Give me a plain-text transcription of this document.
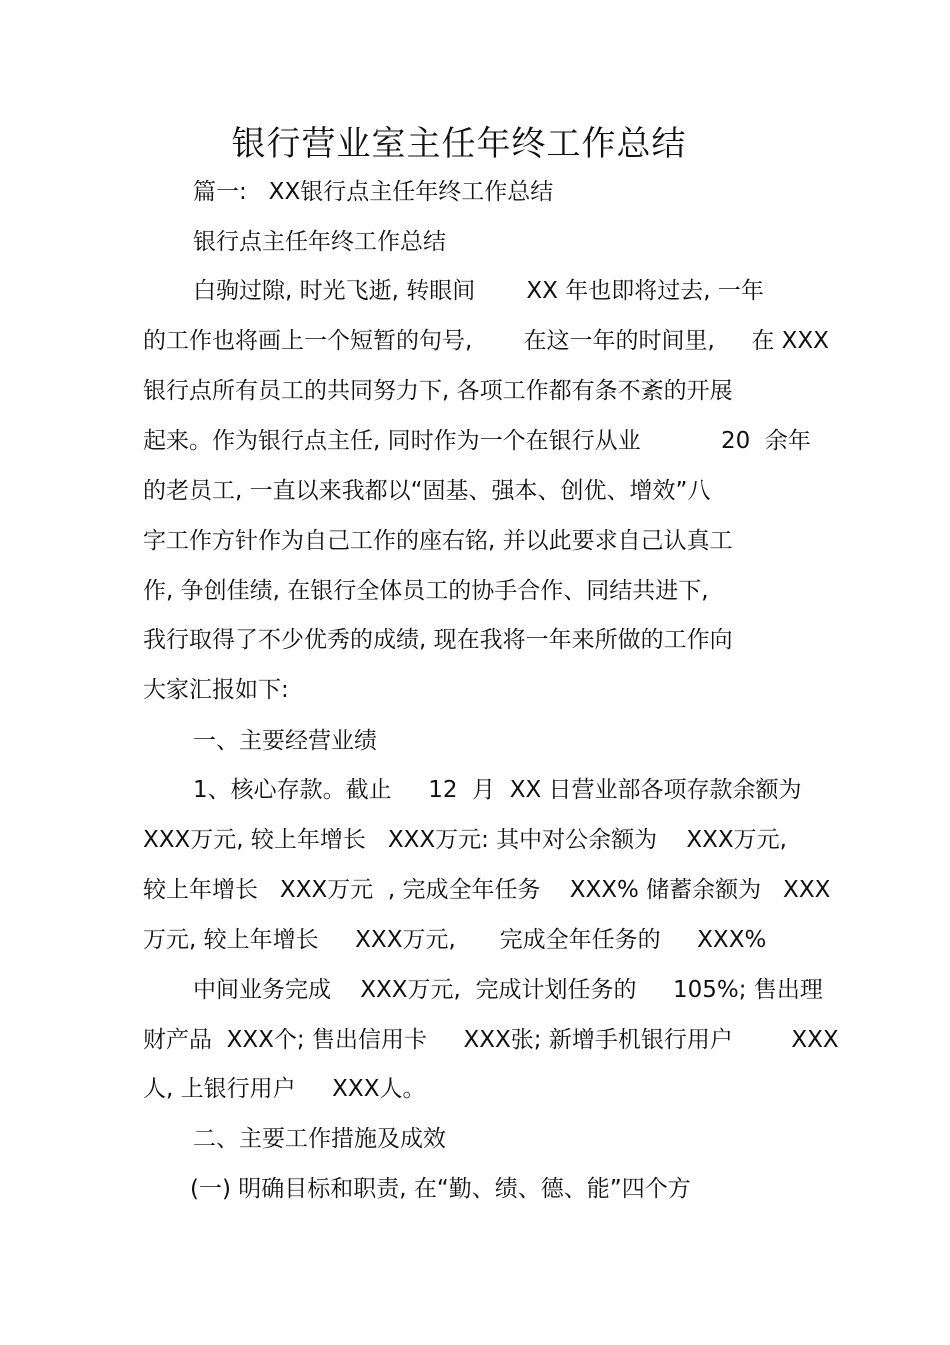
银行营业室主任年终工作总结
篇一:   XX银行点主任年终工作总结
银行点主任年终工作总结
白驹过隙, 时光飞逝, 转眼间       XX 年也即将过去, 一年
的工作也将画上一个短暂的句号,       在这一年的时间里,     在 XXX
银行点所有员工的共同努力下, 各项工作都有条不紊的开展
起来。作为银行点主任, 同时作为一个在银行从业           20  余年
的老员工, 一直以来我都以“固基、强本、创优、增效”八
字工作方针作为自己工作的座右铭, 并以此要求自己认真工
作, 争创佳绩, 在银行全体员工的协手合作、同结共进下,
我行取得了不少优秀的成绩, 现在我将一年来所做的工作向
大家汇报如下:
一、主要经营业绩
1、核心存款。截止     12  月  XX 日营业部各项存款余额为
XXX万元, 较上年增长   XXX万元: 其中对公余额为    XXX万元,
较上年增长   XXX万元  , 完成全年任务    XXX% 储蓄余额为   XXX
万元, 较上年增长     XXX万元,      完成全年任务的     XXX%
中间业务完成    XXX万元,  完成计划任务的     105%; 售出理
财产品  XXX个; 售出信用卡     XXX张; 新增手机银行用户        XXX
人, 上银行用户     XXX人。
二、主要工作措施及成效
(一) 明确目标和职责, 在“勤、绩、德、能”四个方
